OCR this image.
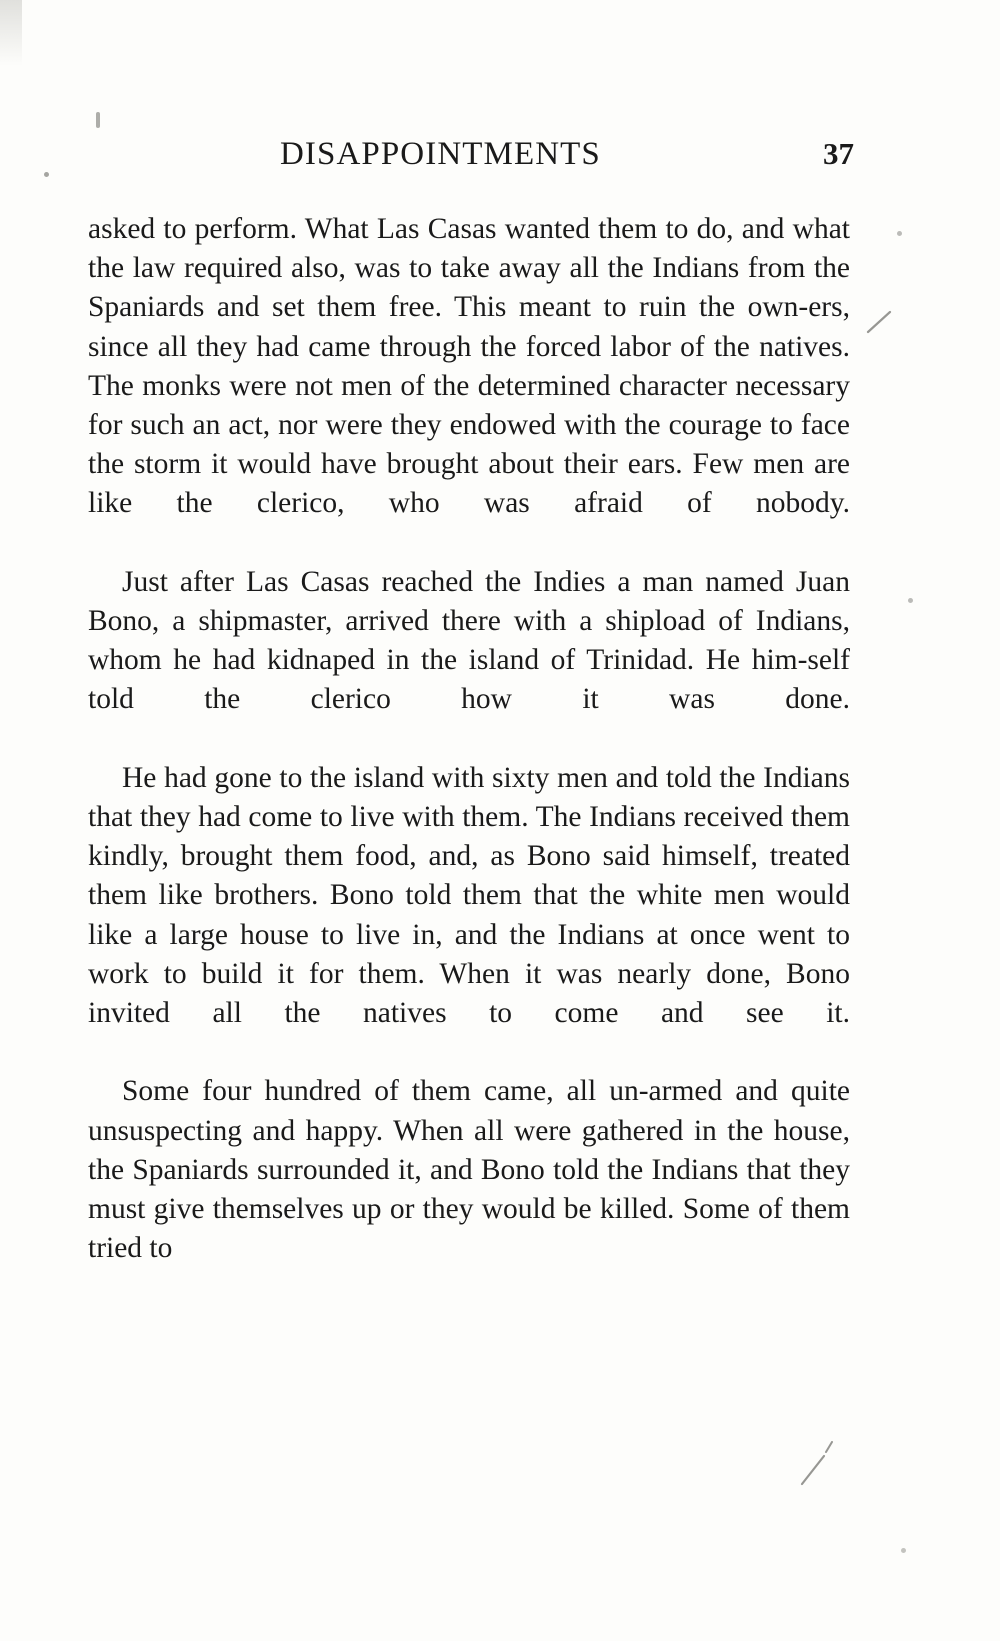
DISAPPOINTMENTS	37

asked to perform. What Las Casas wanted them to do, and what the law required also, was to take away all the Indians from the Spaniards and set them free. This meant to ruin the own-ers, since all they had came through the forced labor of the natives. The monks were not men of the determined character necessary for such an act, nor were they endowed with the courage to face the storm it would have brought about their ears. Few men are like the clerico, who was afraid of nobody.

Just after Las Casas reached the Indies a man named Juan Bono, a shipmaster, arrived there with a shipload of Indians, whom he had kidnaped in the island of Trinidad. He him-self told the clerico how it was done.

He had gone to the island with sixty men and told the Indians that they had come to live with them. The Indians received them kindly, brought them food, and, as Bono said himself, treated them like brothers. Bono told them that the white men would like a large house to live in, and the Indians at once went to work to build it for them. When it was nearly done, Bono invited all the natives to come and see it.

Some four hundred of them came, all un-armed and quite unsuspecting and happy. When all were gathered in the house, the Spaniards surrounded it, and Bono told the Indians that they must give themselves up or they would be killed. Some of them tried to
